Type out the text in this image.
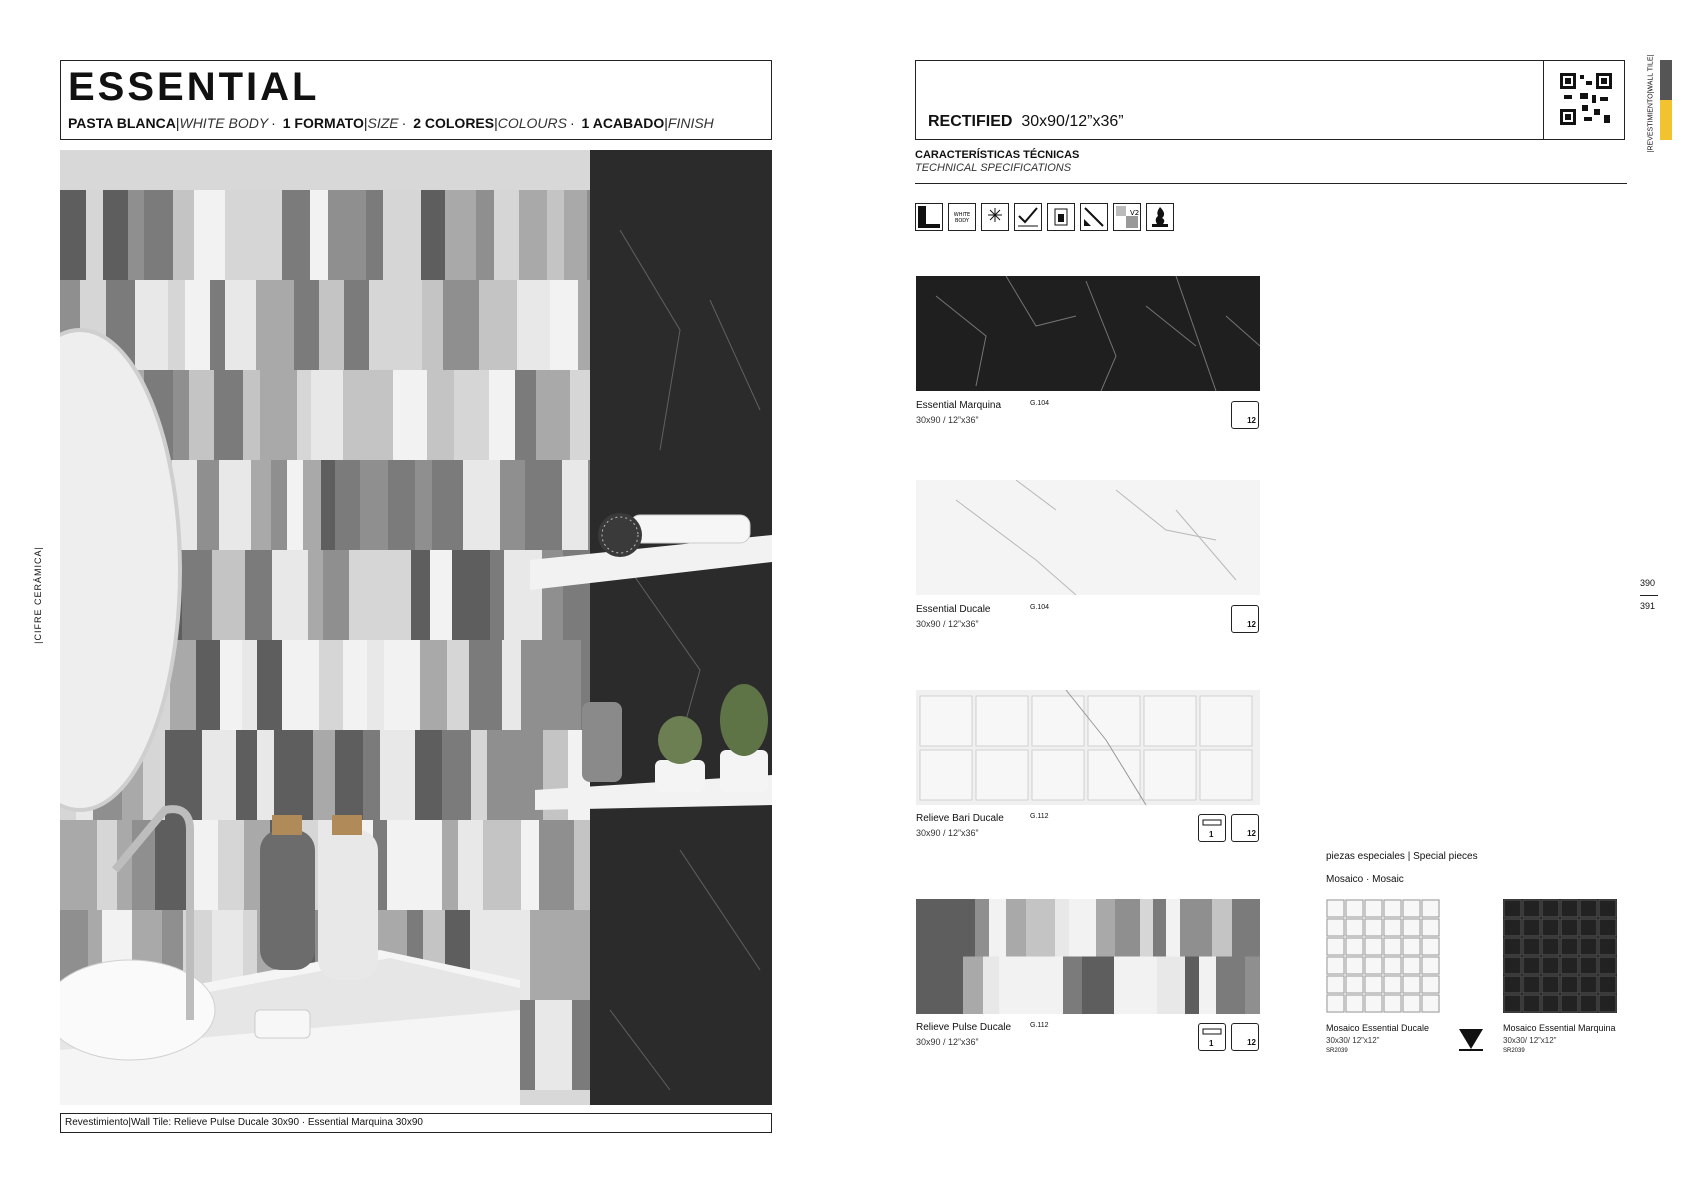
ESSENTIAL
PASTA BLANCA|WHITE BODY · 1 FORMATO|SIZE · 2 COLORES|COLOURS · 1 ACABADO|FINISH
|CIFRE CERÁMICA|
Revestimiento|Wall Tile: Relieve Pulse Ducale 30x90 · Essential Marquina 30x90
RECTIFIED 30x90/12”x36”
CARACTERÍSTICAS TÉCNICAS
TECHNICAL SPECIFICATIONS
WHITE
BODY
V2
|REVESTIMIENTO|WALL TILE|
390
391
Essential Marquina
30x90 / 12”x36”
G.104
12
Essential Ducale
30x90 / 12”x36”
G.104
12
Relieve Bari Ducale
30x90 / 12”x36”
G.112
1	12
Relieve Pulse Ducale
30x90 / 12”x36”
G.112
1	12
piezas especiales | Special pieces
Mosaico · Mosaic
Mosaico Essential Ducale
30x30/ 12”x12”
SR2039
Mosaico Essential Marquina
30x30/ 12”x12”
SR2039
